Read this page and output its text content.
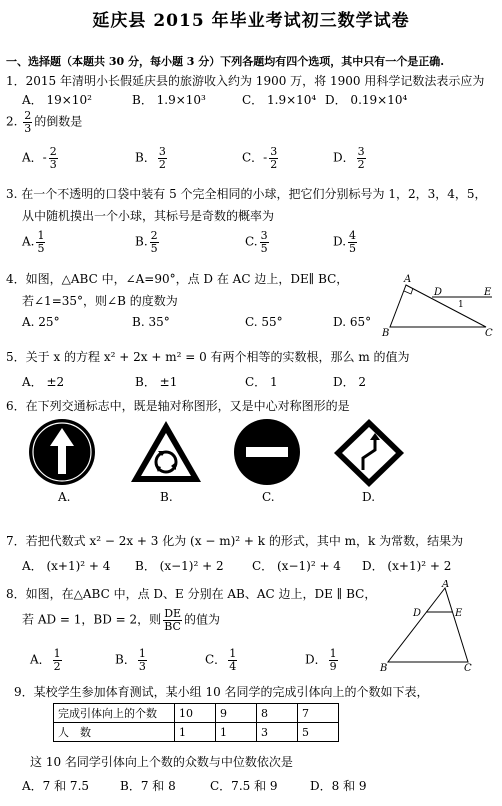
延庆县 2015 年毕业考试初三数学试卷
一、选择题（本题共 30 分，每小题 3 分）下列各题均有四个选项，其中只有一个是正确.
1．2015 年清明小长假延庆县的旅游收入约为 1900 万，将 1900 用科学记数法表示应为
A． 19×10²	B． 1.9×10³	C． 1.9×10⁴ D． 0.19×10⁴
2. $\frac{2}{3}$ 的倒数是
A．- $\frac{2}{3}$	B． $\frac{3}{2}$	C．- $\frac{3}{2}$	D． $\frac{3}{2}$
3. 在一个不透明的口袋中装有 5 个完全相同的小球，把它们分别标号为 1，2，3，4，5，
从中随机摸出一个小球，其标号是奇数的概率为
A. $\frac{1}{5}$	B. $\frac{2}{5}$	C. $\frac{3}{5}$	D. $\frac{4}{5}$
4．如图，△ABC 中，∠A=90°，点 D 在 AC 边上，DE∥ BC，
若∠1=35°，则∠B 的度数为
A. 25°	B. 35°	C. 55°	D. 65°
A
B	C
D	E
1
5．关于 x 的方程 x² + 2x + m² = 0 有两个相等的实数根，那么 m 的值为
A． ±2	B． ±1	C． 1	D． 2
6．在下列交通标志中，既是轴对称图形，又是中心对称图形的是
A.	B.	C.	D.
7．若把代数式 x² − 2x + 3 化为 (x − m)² + k 的形式，其中 m，k 为常数，结果为
A． (x+1)² + 4 B． (x−1)² + 2 C． (x−1)² + 4 D． (x+1)² + 2
8．如图，在△ABC 中，点 D、E 分别在 AB、AC 边上，DE ∥ BC，
若 AD = 1，BD = 2，则 $\frac{DE}{BC}$ 的值为
A． $\frac{1}{2}$	B． $\frac{1}{3}$	C． $\frac{1}{4}$	D． $\frac{1}{9}$
A
B	C
D	E
9．某校学生参加体育测试，某小组 10 名同学的完成引体向上的个数如下表，
完成引体向上的个数	10	9	8	7
人　数	1	1	3	5
这 10 名同学引体向上个数的众数与中位数依次是
A．7 和 7.5	B．7 和 8	C．7.5 和 9	D．8 和 9
